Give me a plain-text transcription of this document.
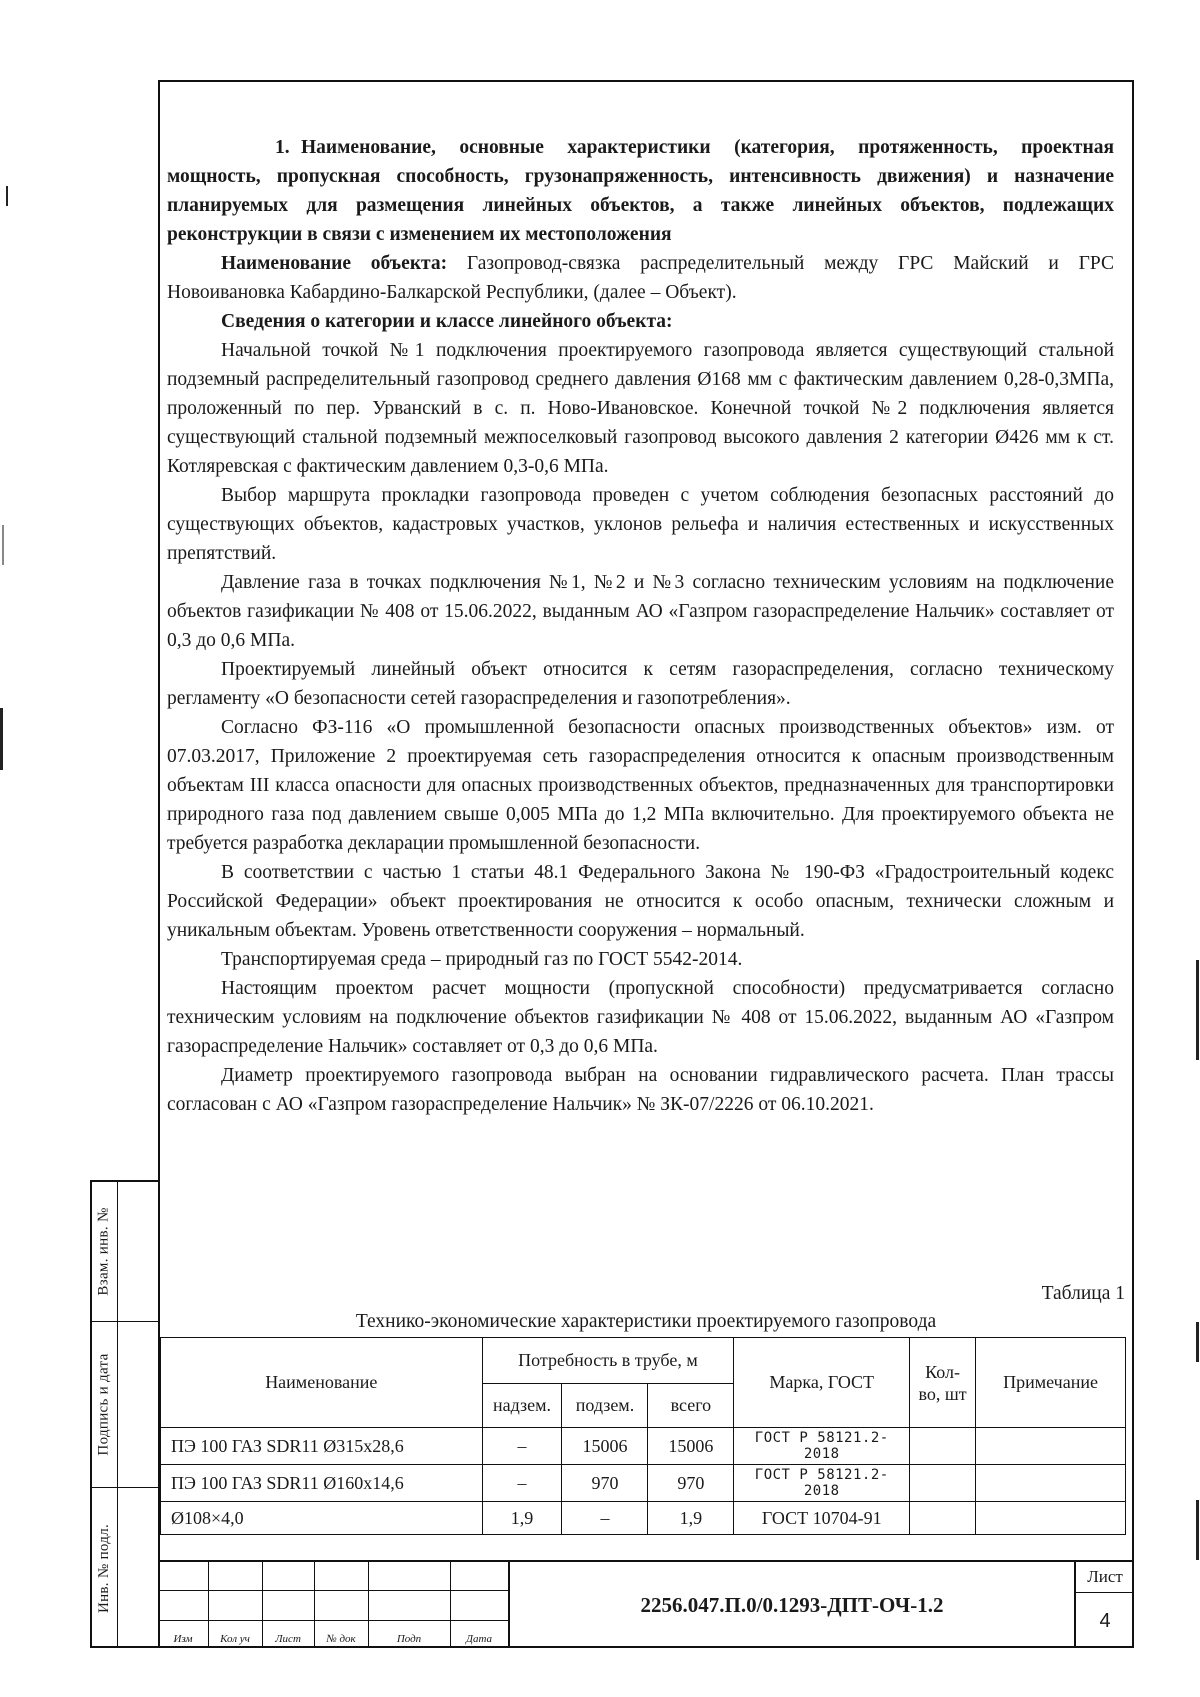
Взам. инв. №
Подпись и дата
Инв. № подл.

1. Наименование, основные характеристики (категория, протяженность, проектная мощность, пропускная способность, грузонапряженность, интенсивность движения) и назначение планируемых для размещения линейных объектов, а также линейных объектов, подлежащих реконструкции в связи с изменением их местоположения

Наименование объекта: Газопровод-связка распределительный между ГРС Майский и ГРС Новоивановка Кабардино-Балкарской Республики, (далее – Объект).

Сведения о категории и классе линейного объекта:

Начальной точкой №1 подключения проектируемого газопровода является существующий стальной подземный распределительный газопровод среднего давления Ø168 мм с фактическим давлением 0,28-0,3МПа, проложенный по пер. Урванский в с. п. Ново-Ивановское. Конечной точкой №2 подключения является существующий стальной подземный межпоселковый газопровод высокого давления 2 категории Ø426 мм к ст. Котляревская с фактическим давлением 0,3-0,6 МПа.

Выбор маршрута прокладки газопровода проведен с учетом соблюдения безопасных расстояний до существующих объектов, кадастровых участков, уклонов рельефа и наличия естественных и искусственных препятствий.

Давление газа в точках подключения №1, №2 и №3 согласно техническим условиям на подключение объектов газификации № 408 от 15.06.2022, выданным АО «Газпром газораспределение Нальчик» составляет от 0,3 до 0,6 МПа.

Проектируемый линейный объект относится к сетям газораспределения, согласно техническому регламенту «О безопасности сетей газораспределения и газопотребления».

Согласно ФЗ-116 «О промышленной безопасности опасных производственных объектов» изм. от 07.03.2017, Приложение 2 проектируемая сеть газораспределения относится к опасным производственным объектам III класса опасности для опасных производственных объектов, предназначенных для транспортировки природного газа под давлением свыше 0,005 МПа до 1,2 МПа включительно. Для проектируемого объекта не требуется разработка декларации промышленной безопасности.

В соответствии с частью 1 статьи 48.1 Федерального Закона № 190-ФЗ «Градостроительный кодекс Российской Федерации» объект проектирования не относится к особо опасным, технически сложным и уникальным объектам. Уровень ответственности сооружения – нормальный.

Транспортируемая среда – природный газ по ГОСТ 5542-2014.

Настоящим проектом расчет мощности (пропускной способности) предусматривается согласно техническим условиям на подключение объектов газификации № 408 от 15.06.2022, выданным АО «Газпром газораспределение Нальчик» составляет от 0,3 до 0,6 МПа.

Диаметр проектируемого газопровода выбран на основании гидравлического расчета. План трассы согласован с АО «Газпром газораспределение Нальчик» № ЗК-07/2226 от 06.10.2021.

Таблица 1
Технико-экономические характеристики проектируемого газопровода
Наименование	Потребность в трубе, м			Марка, ГОСТ	Кол-во, шт	Примечание
	надзем.	подзем.	всего			
ПЭ 100 ГАЗ SDR11 Ø315x28,6	–	15006	15006	ГОСТ Р 58121.2-2018		
ПЭ 100 ГАЗ SDR11 Ø160x14,6	–	970	970	ГОСТ Р 58121.2-2018		
Ø108×4,0	1,9	–	1,9	ГОСТ 10704-91		
Изм	Кол уч	Лист	№ док	Подп	Дата
2256.047.П.0/0.1293-ДПТ-ОЧ-1.2
Лист
4
